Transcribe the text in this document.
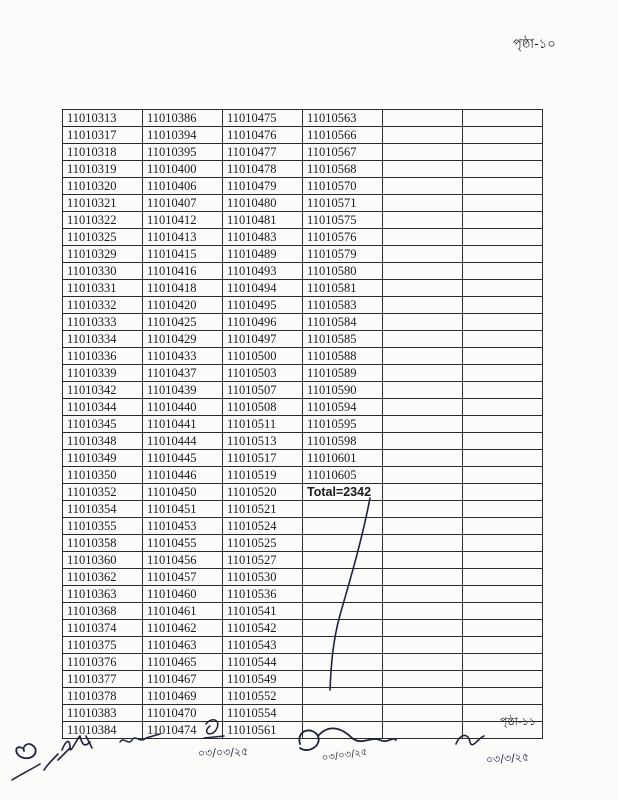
পৃষ্ঠা-১০
11010313	11010386	11010475	11010563		
11010317	11010394	11010476	11010566		
11010318	11010395	11010477	11010567		
11010319	11010400	11010478	11010568		
11010320	11010406	11010479	11010570		
11010321	11010407	11010480	11010571		
11010322	11010412	11010481	11010575		
11010325	11010413	11010483	11010576		
11010329	11010415	11010489	11010579		
11010330	11010416	11010493	11010580		
11010331	11010418	11010494	11010581		
11010332	11010420	11010495	11010583		
11010333	11010425	11010496	11010584		
11010334	11010429	11010497	11010585		
11010336	11010433	11010500	11010588		
11010339	11010437	11010503	11010589		
11010342	11010439	11010507	11010590		
11010344	11010440	11010508	11010594		
11010345	11010441	11010511	11010595		
11010348	11010444	11010513	11010598		
11010349	11010445	11010517	11010601		
11010350	11010446	11010519	11010605		
11010352	11010450	11010520	Total=2342		
11010354	11010451	11010521			
11010355	11010453	11010524			
11010358	11010455	11010525			
11010360	11010456	11010527			
11010362	11010457	11010530			
11010363	11010460	11010536			
11010368	11010461	11010541			
11010374	11010462	11010542			
11010375	11010463	11010543			
11010376	11010465	11010544			
11010377	11010467	11010549			
11010378	11010469	11010552			
11010383	11010470	11010554			
11010384	11010474	11010561			
পৃষ্ঠা-১১
০৩/০৩/২৫	০৩/০৩/২৫	০৩/৩/২৫
